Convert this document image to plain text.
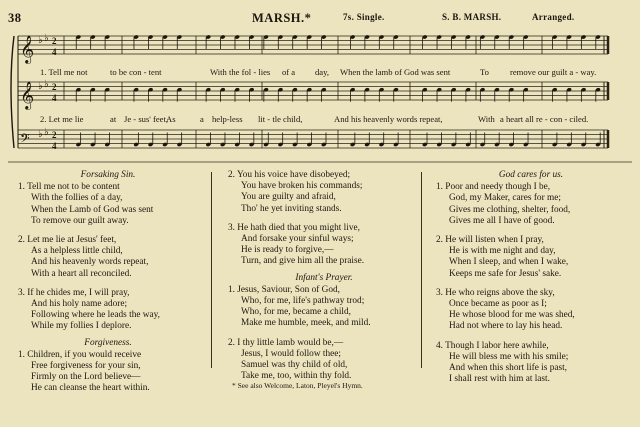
38	MARSH.*	7s. Single.	S. B. MARSH.	Arranged.
𝄞 ♭ ♭ 2
4
𝄞 ♭ ♭ 2
4
𝄢 ♭ ♭ 2
4
1. Tell me not	to be con - tent	With the fol - lies of a day, When the lamb of God was sent	To remove our guilt a - way.
2. Let me lie	at Je - sus' feet,
As	a help-less lit - tle child,	And his heavenly words repeat,	With a heart all re - con - ciled.
Forsaking Sin.
1. Tell me not to be content
With the follies of a day,
When the Lamb of God was sent
To remove our guilt away.
2. Let me lie at Jesus' feet,
As a helpless little child,
And his heavenly words repeat,
With a heart all reconciled.
3. If he chides me, I will pray,
And his holy name adore;
Following where he leads the way,
While my follies I deplore.
Forgiveness.
1. Children, if you would receive
Free forgiveness for your sin,
Firmly on the Lord believe—
He can cleanse the heart within.
2. You his voice have disobeyed;
You have broken his commands;
You are guilty and afraid,
Tho' he yet inviting stands.
3. He hath died that you might live,
And forsake your sinful ways;
He is ready to forgive,—
Turn, and give him all the praise.
Infant's Prayer.
1. Jesus, Saviour, Son of God,
Who, for me, life's pathway trod;
Who, for me, became a child,
Make me humble, meek, and mild.
2. I thy little lamb would be,—
Jesus, I would follow thee;
Samuel was thy child of old,
Take me, too, within thy fold.
God cares for us.
1. Poor and needy though I be,
God, my Maker, cares for me;
Gives me clothing, shelter, food,
Gives me all I have of good.
2. He will listen when I pray,
He is with me night and day,
When I sleep, and when I wake,
Keeps me safe for Jesus' sake.
3. He who reigns above the sky,
Once became as poor as I;
He whose blood for me was shed,
Had not where to lay his head.
4. Though I labor here awhile,
He will bless me with his smile;
And when this short life is past,
I shall rest with him at last.
* See also Welcome, Laton, Pleyel's Hymn.
